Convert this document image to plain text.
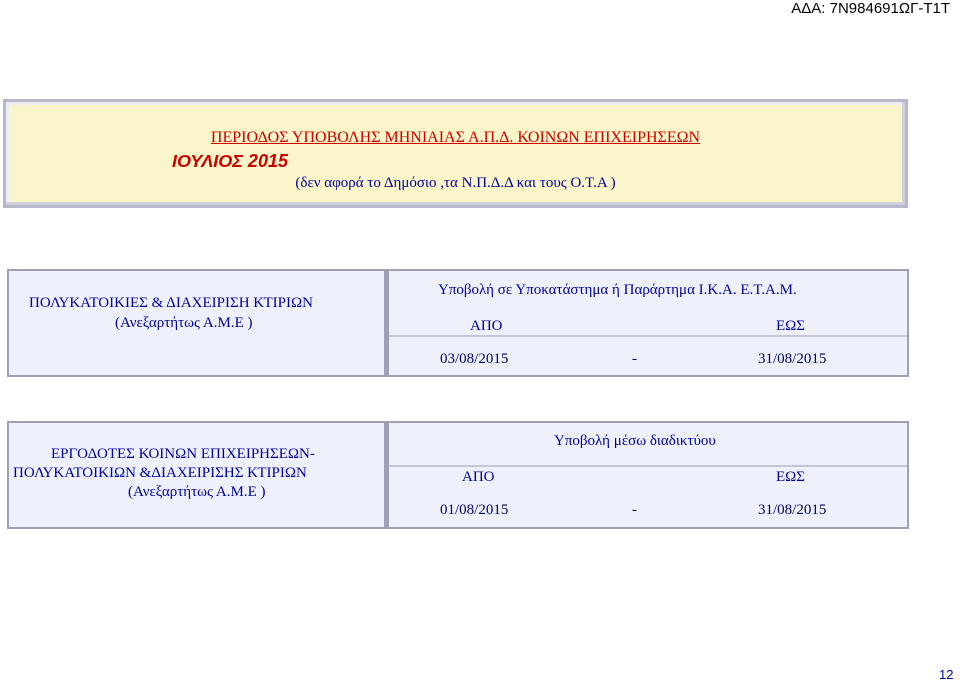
ΑΔΑ: 7Ν984691ΩΓ-Τ1Τ
ΠΕΡΙΟΔΟΣ ΥΠΟΒΟΛΗΣ ΜΗΝΙΑΙΑΣ Α.Π.Δ. ΚΟΙΝΩΝ ΕΠΙΧΕΙΡΗΣΕΩΝ
ΙΟΥΛΙΟΣ 2015
(δεν αφορά το Δημόσιο ,τα Ν.Π.Δ.Δ και τους Ο.Τ.Α )
ΠΟΛΥΚΑΤΟΙΚΙΕΣ & ΔΙΑΧΕΙΡΙΣΗ ΚΤΙΡΙΩΝ
(Ανεξαρτήτως Α.Μ.Ε )
Υποβολή σε Υποκατάστημα ή Παράρτημα Ι.Κ.Α. Ε.Τ.Α.Μ.
ΑΠΟ	ΕΩΣ
03/08/2015	-	31/08/2015
ΕΡΓΟΔΟΤΕΣ ΚΟΙΝΩΝ ΕΠΙΧΕΙΡΗΣΕΩΝ-
ΠΟΛΥΚΑΤΟΙΚΙΩΝ &ΔΙΑΧΕΙΡΙΣΗΣ ΚΤΙΡΙΩΝ
(Ανεξαρτήτως Α.Μ.Ε )
Υποβολή μέσω διαδικτύου
ΑΠΟ	ΕΩΣ
01/08/2015	-	31/08/2015
12
